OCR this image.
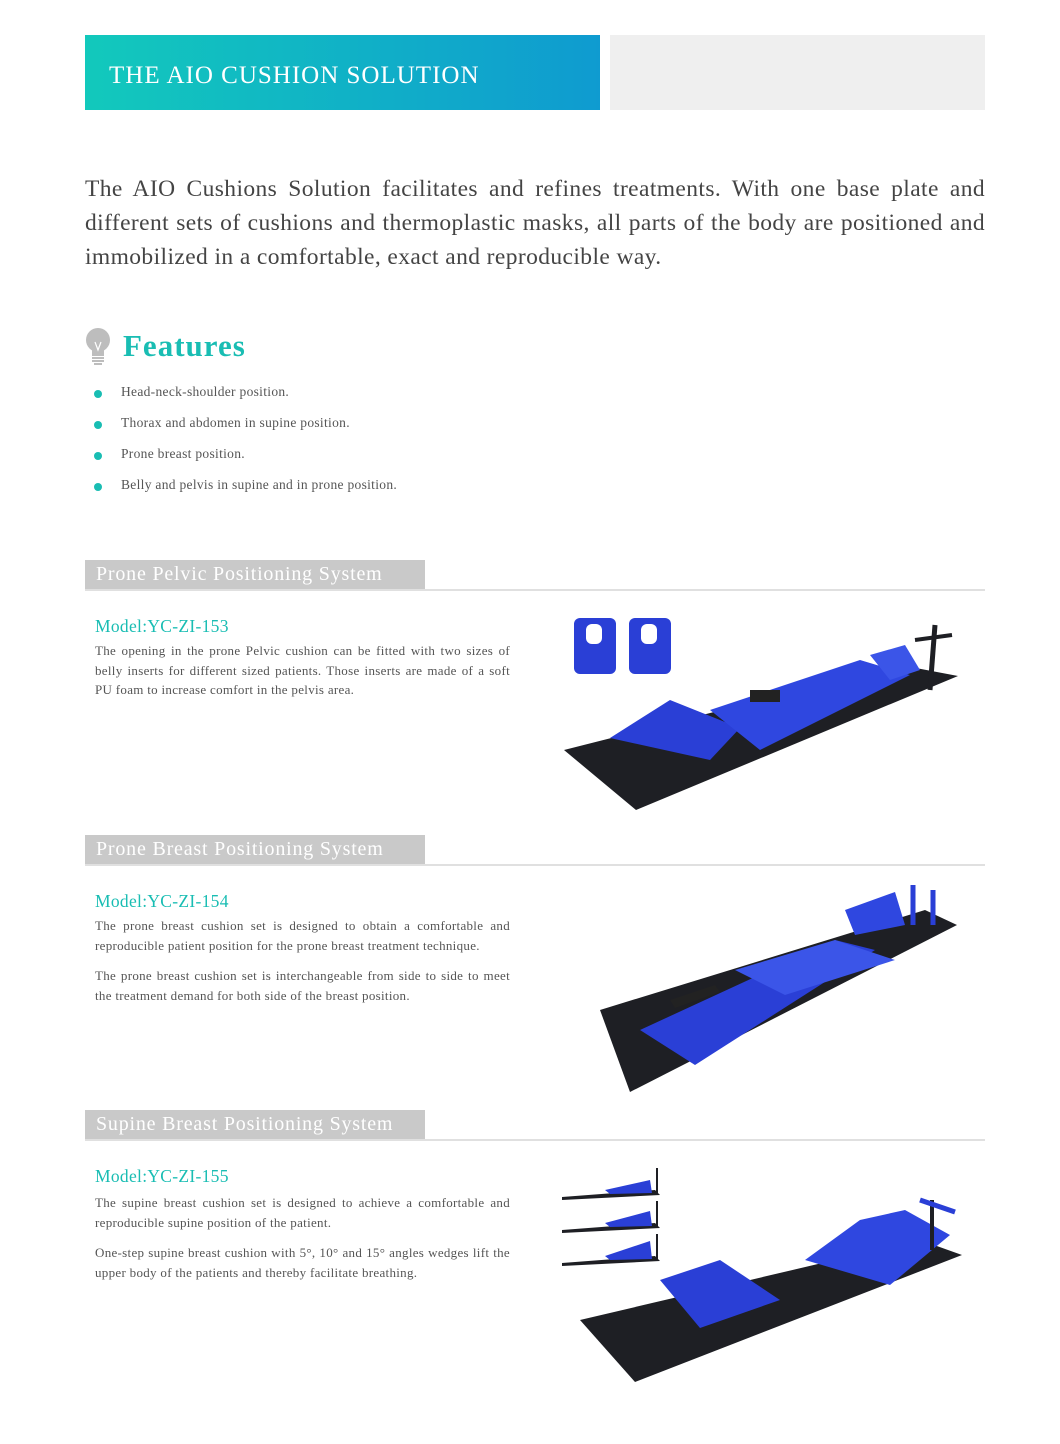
THE AIO CUSHION SOLUTION
The AIO Cushions Solution facilitates and refines treatments. With one base plate and different sets of cushions and thermoplastic masks, all parts of the body are positioned and immobilized in a comfortable, exact and reproducible way.
Features
Head-neck-shoulder position.
Thorax and abdomen in supine position.
Prone breast position.
Belly and pelvis in supine and in prone position.
Prone Pelvic Positioning System
Model:YC-ZI-153

The opening in the prone Pelvic cushion can be fitted with two sizes of belly inserts for different sized patients. Those inserts are made of a soft PU foam to increase comfort in the pelvis area.

Prone Breast Positioning System
Model:YC-ZI-154

The prone breast cushion set is designed to obtain a comfortable and reproducible patient position for the prone breast treatment technique.

The prone breast cushion set is interchangeable from side to side to meet the treatment demand for both side of the breast position.

Supine Breast Positioning System
Model:YC-ZI-155

The supine breast cushion set is designed to achieve a comfortable and reproducible supine position of the patient.

One-step supine breast cushion with 5°, 10° and 15° angles wedges lift the upper body of the patients and thereby facilitate breathing.
